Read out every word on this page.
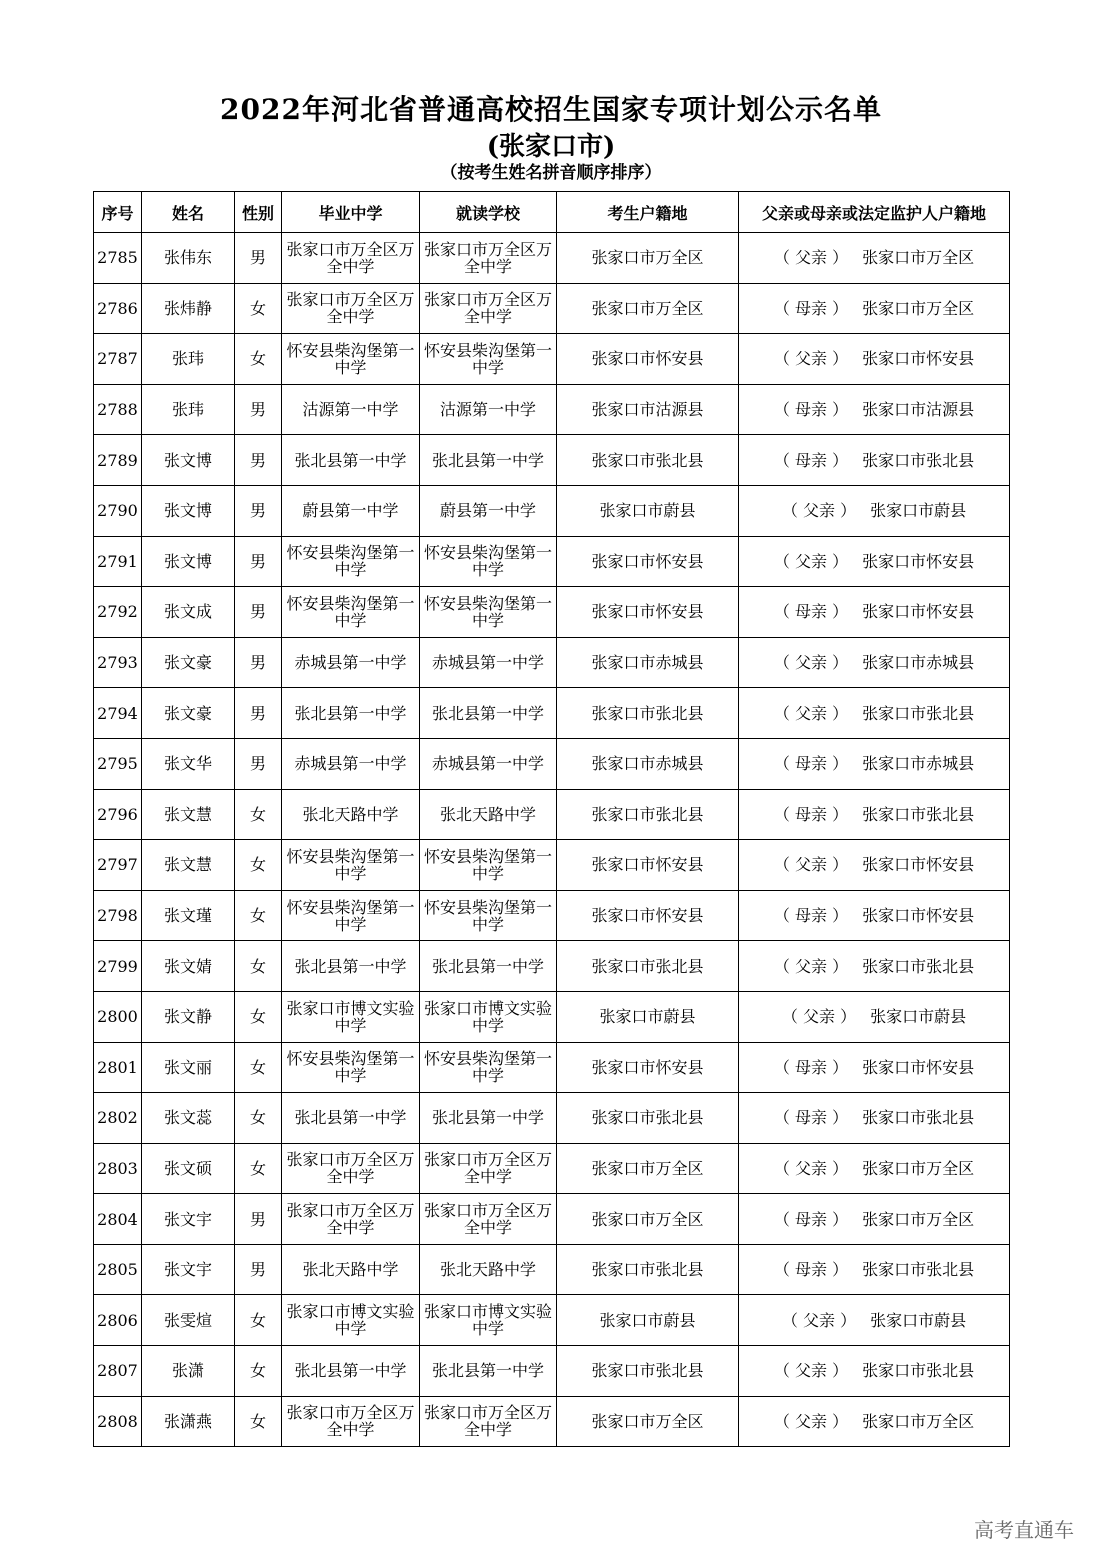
2022年河北省普通高校招生国家专项计划公示名单
(张家口市)
（按考生姓名拼音顺序排序）
序号	姓名	性别	毕业中学	就读学校	考生户籍地	父亲或母亲或法定监护人户籍地
2785	张伟东	男	张家口市万全区万全中学	张家口市万全区万全中学	张家口市万全区	（ 父亲 ） 张家口市万全区
2786	张炜静	女	张家口市万全区万全中学	张家口市万全区万全中学	张家口市万全区	（ 母亲 ） 张家口市万全区
2787	张玮	女	怀安县柴沟堡第一中学	怀安县柴沟堡第一中学	张家口市怀安县	（ 父亲 ） 张家口市怀安县
2788	张玮	男	沽源第一中学	沽源第一中学	张家口市沽源县	（ 母亲 ） 张家口市沽源县
2789	张文博	男	张北县第一中学	张北县第一中学	张家口市张北县	（ 母亲 ） 张家口市张北县
2790	张文博	男	蔚县第一中学	蔚县第一中学	张家口市蔚县	（ 父亲 ） 张家口市蔚县
2791	张文博	男	怀安县柴沟堡第一中学	怀安县柴沟堡第一中学	张家口市怀安县	（ 父亲 ） 张家口市怀安县
2792	张文成	男	怀安县柴沟堡第一中学	怀安县柴沟堡第一中学	张家口市怀安县	（ 母亲 ） 张家口市怀安县
2793	张文豪	男	赤城县第一中学	赤城县第一中学	张家口市赤城县	（ 父亲 ） 张家口市赤城县
2794	张文豪	男	张北县第一中学	张北县第一中学	张家口市张北县	（ 父亲 ） 张家口市张北县
2795	张文华	男	赤城县第一中学	赤城县第一中学	张家口市赤城县	（ 母亲 ） 张家口市赤城县
2796	张文慧	女	张北天路中学	张北天路中学	张家口市张北县	（ 母亲 ） 张家口市张北县
2797	张文慧	女	怀安县柴沟堡第一中学	怀安县柴沟堡第一中学	张家口市怀安县	（ 父亲 ） 张家口市怀安县
2798	张文瑾	女	怀安县柴沟堡第一中学	怀安县柴沟堡第一中学	张家口市怀安县	（ 母亲 ） 张家口市怀安县
2799	张文婧	女	张北县第一中学	张北县第一中学	张家口市张北县	（ 父亲 ） 张家口市张北县
2800	张文静	女	张家口市博文实验中学	张家口市博文实验中学	张家口市蔚县	（ 父亲 ） 张家口市蔚县
2801	张文丽	女	怀安县柴沟堡第一中学	怀安县柴沟堡第一中学	张家口市怀安县	（ 母亲 ） 张家口市怀安县
2802	张文蕊	女	张北县第一中学	张北县第一中学	张家口市张北县	（ 母亲 ） 张家口市张北县
2803	张文硕	女	张家口市万全区万全中学	张家口市万全区万全中学	张家口市万全区	（ 父亲 ） 张家口市万全区
2804	张文宇	男	张家口市万全区万全中学	张家口市万全区万全中学	张家口市万全区	（ 母亲 ） 张家口市万全区
2805	张文宇	男	张北天路中学	张北天路中学	张家口市张北县	（ 母亲 ） 张家口市张北县
2806	张雯煊	女	张家口市博文实验中学	张家口市博文实验中学	张家口市蔚县	（ 父亲 ） 张家口市蔚县
2807	张潇	女	张北县第一中学	张北县第一中学	张家口市张北县	（ 父亲 ） 张家口市张北县
2808	张潇燕	女	张家口市万全区万全中学	张家口市万全区万全中学	张家口市万全区	（ 父亲 ） 张家口市万全区
高考直通车
